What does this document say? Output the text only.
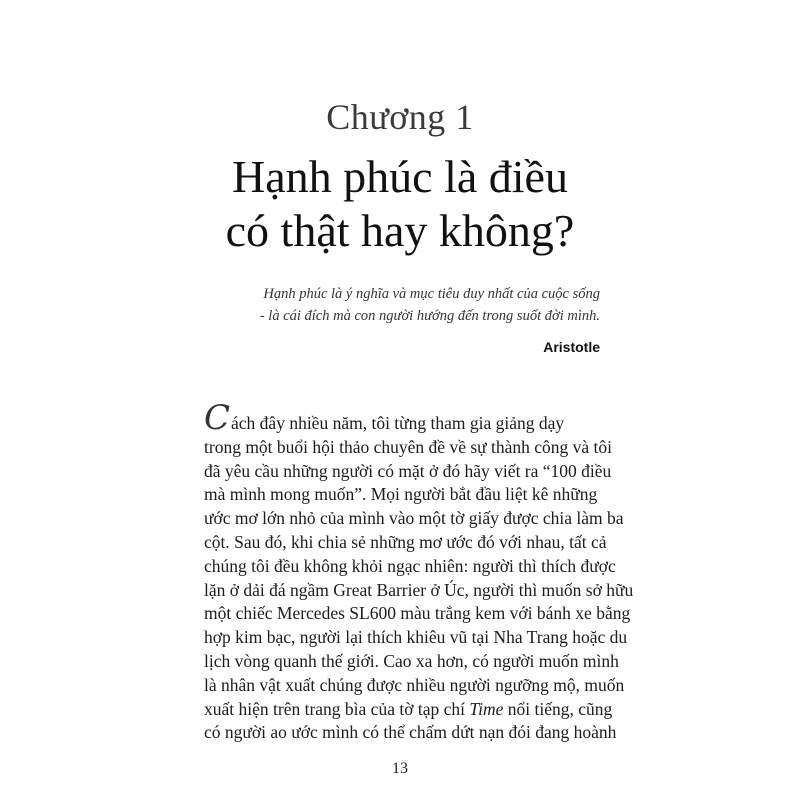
Chương 1
Hạnh phúc là điều
có thật hay không?
Hạnh phúc là ý nghĩa và mục tiêu duy nhất của cuộc sống
- là cái đích mà con người hướng đến trong suốt đời mình.
Aristotle
Cách đây nhiều năm, tôi từng tham gia giảng dạy
trong một buổi hội thảo chuyên đề về sự thành công và tôi
đã yêu cầu những người có mặt ở đó hãy viết ra “100 điều
mà mình mong muốn”. Mọi người bắt đầu liệt kê những
ước mơ lớn nhỏ của mình vào một tờ giấy được chia làm ba
cột. Sau đó, khi chia sẻ những mơ ước đó với nhau, tất cả
chúng tôi đều không khỏi ngạc nhiên: người thì thích được
lặn ở dải đá ngầm Great Barrier ở Úc, người thì muốn sở hữu
một chiếc Mercedes SL600 màu trắng kem với bánh xe bằng
hợp kim bạc, người lại thích khiêu vũ tại Nha Trang hoặc du
lịch vòng quanh thế giới. Cao xa hơn, có người muốn mình
là nhân vật xuất chúng được nhiều người ngưỡng mộ, muốn
xuất hiện trên trang bìa của tờ tạp chí Time nổi tiếng, cũng
có người ao ước mình có thể chấm dứt nạn đói đang hoành
13
